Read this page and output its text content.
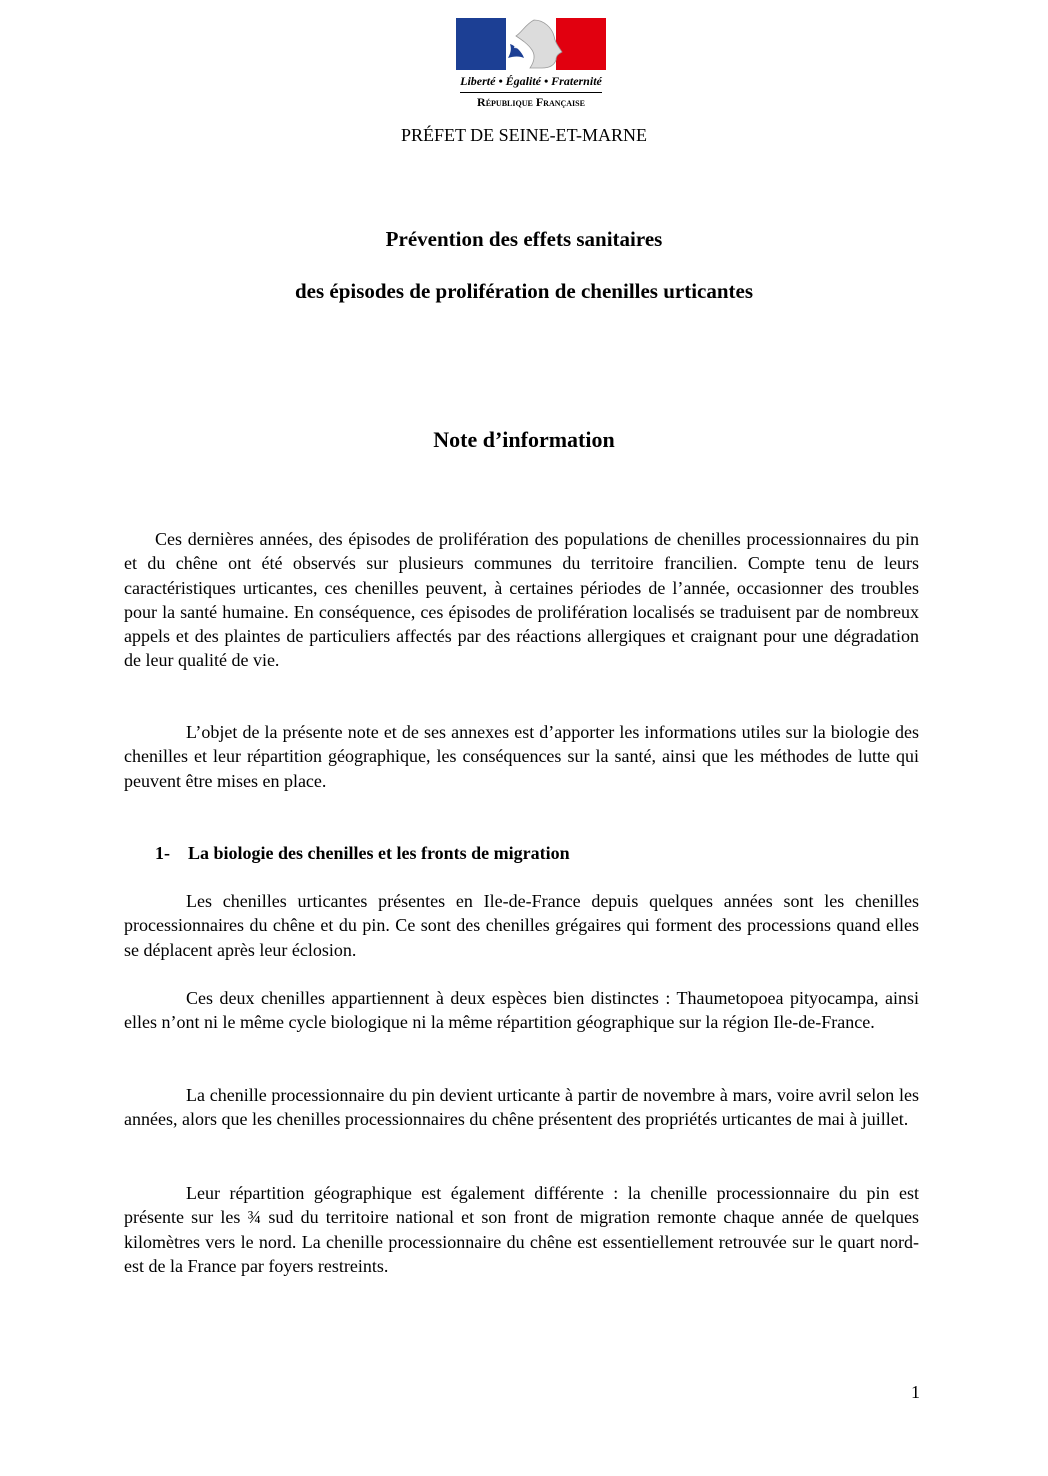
Liberté • Égalité • Fraternité
République Française
PRÉFET DE SEINE-ET-MARNE
Prévention des effets sanitaires
des épisodes de prolifération de chenilles urticantes
Note d’information

Ces dernières années, des épisodes de prolifération des populations de chenilles processionnaires du pin et du chêne ont été observés sur plusieurs communes du territoire francilien. Compte tenu de leurs caractéristiques urticantes, ces chenilles peuvent, à certaines périodes de l’année, occasionner des troubles pour la santé humaine. En conséquence, ces épisodes de prolifération localisés se traduisent par de nombreux appels et des plaintes de particuliers affectés par des réactions allergiques et craignant pour une dégradation de leur qualité de vie.

L’objet de la présente note et de ses annexes est d’apporter les informations utiles sur la biologie des chenilles et leur répartition géographique, les conséquences sur la santé, ainsi que les méthodes de lutte qui peuvent être mises en place.

1- La biologie des chenilles et les fronts de migration

Les chenilles urticantes présentes en Ile-de-France depuis quelques années sont les chenilles processionnaires du chêne et du pin. Ce sont des chenilles grégaires qui forment des processions quand elles se déplacent après leur éclosion.

Ces deux chenilles appartiennent à deux espèces bien distinctes : Thaumetopoea pityocampa, ainsi elles n’ont ni le même cycle biologique ni la même répartition géographique sur la région Ile-de-France.

La chenille processionnaire du pin devient urticante à partir de novembre à mars, voire avril selon les années, alors que les chenilles processionnaires du chêne présentent des propriétés urticantes de mai à juillet.

Leur répartition géographique est également différente : la chenille processionnaire du pin est présente sur les ¾ sud du territoire national et son front de migration remonte chaque année de quelques kilomètres vers le nord. La chenille processionnaire du chêne est essentiellement retrouvée sur le quart nord-est de la France par foyers restreints.

1
